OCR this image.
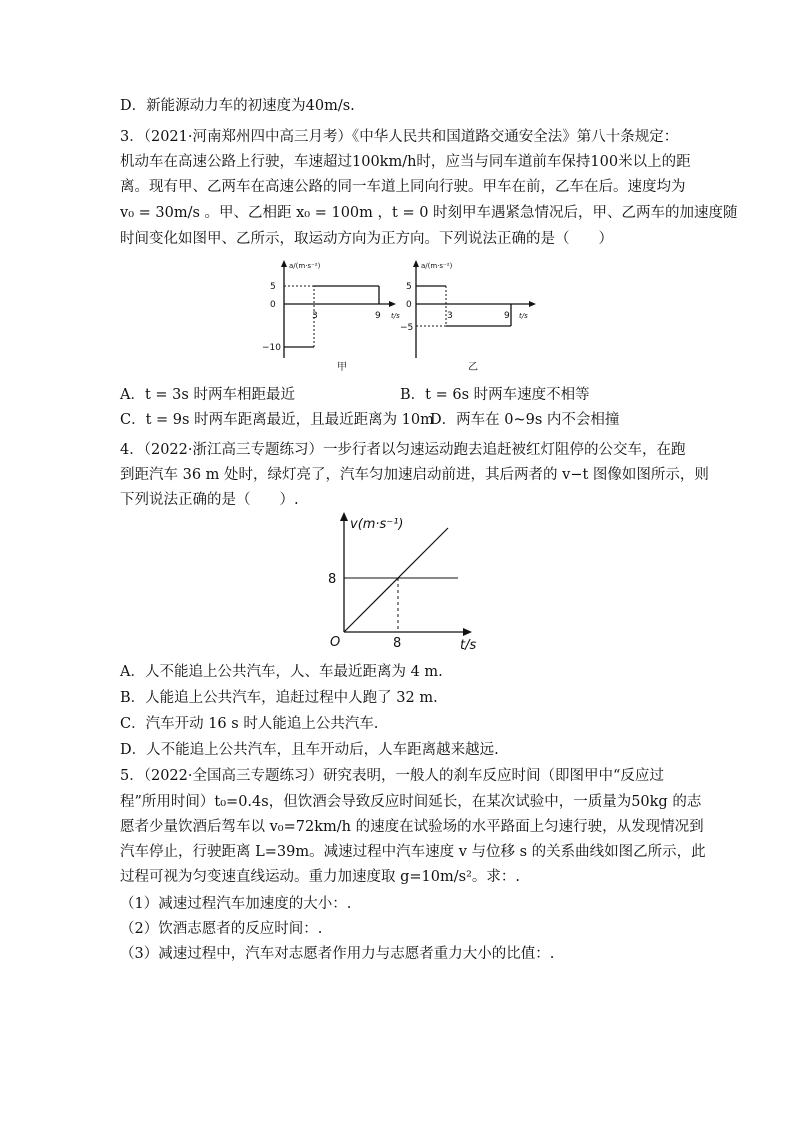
D．新能源动力车的初速度为40m/s.
3．（2021·河南郑州四中高三月考）《中华人民共和国道路交通安全法》第八十条规定：
机动车在高速公路上行驶，车速超过100km/h时，应当与同车道前车保持100米以上的距
离。现有甲、乙两车在高速公路的同一车道上同向行驶。甲车在前，乙车在后。速度均为
v₀ = 30m/s 。甲、乙相距 x₀ = 100m ，t = 0 时刻甲车遇紧急情况后，甲、乙两车的加速度随
时间变化如图甲、乙所示，取运动方向为正方向。下列说法正确的是（　　）
a/(m·s⁻²)
5
0
−10
3	9 t/s
甲
a/(m·s⁻²)
5
0
−5
3	9 t/s
乙
A．t = 3s 时两车相距最近	B．t = 6s 时两车速度不相等
C．t = 9s 时两车距离最近，且最近距离为 10m
D．两车在 0~9s 内不会相撞
4．（2022·浙江高三专题练习）一步行者以匀速运动跑去追赶被红灯阻停的公交车，在跑
到距汽车 36 m 处时，绿灯亮了，汽车匀加速启动前进，其后两者的 v−t 图像如图所示，则
下列说法正确的是（　　）.
v(m·s⁻¹)
8
8
O	t/s
A．人不能追上公共汽车，人、车最近距离为 4 m.
B．人能追上公共汽车，追赶过程中人跑了 32 m.
C．汽车开动 16 s 时人能追上公共汽车.
D．人不能追上公共汽车，且车开动后，人车距离越来越远.
5．（2022·全国高三专题练习）研究表明，一般人的刹车反应时间（即图甲中“反应过
程”所用时间）t₀=0.4s，但饮酒会导致反应时间延长，在某次试验中，一质量为50kg 的志
愿者少量饮酒后驾车以 v₀=72km/h 的速度在试验场的水平路面上匀速行驶，从发现情况到
汽车停止，行驶距离 L=39m。减速过程中汽车速度 v 与位移 s 的关系曲线如图乙所示，此
过程可视为匀变速直线运动。重力加速度取 g=10m/s²。求：.
（1）减速过程汽车加速度的大小：.
（2）饮酒志愿者的反应时间：.
（3）减速过程中，汽车对志愿者作用力与志愿者重力大小的比值：.
